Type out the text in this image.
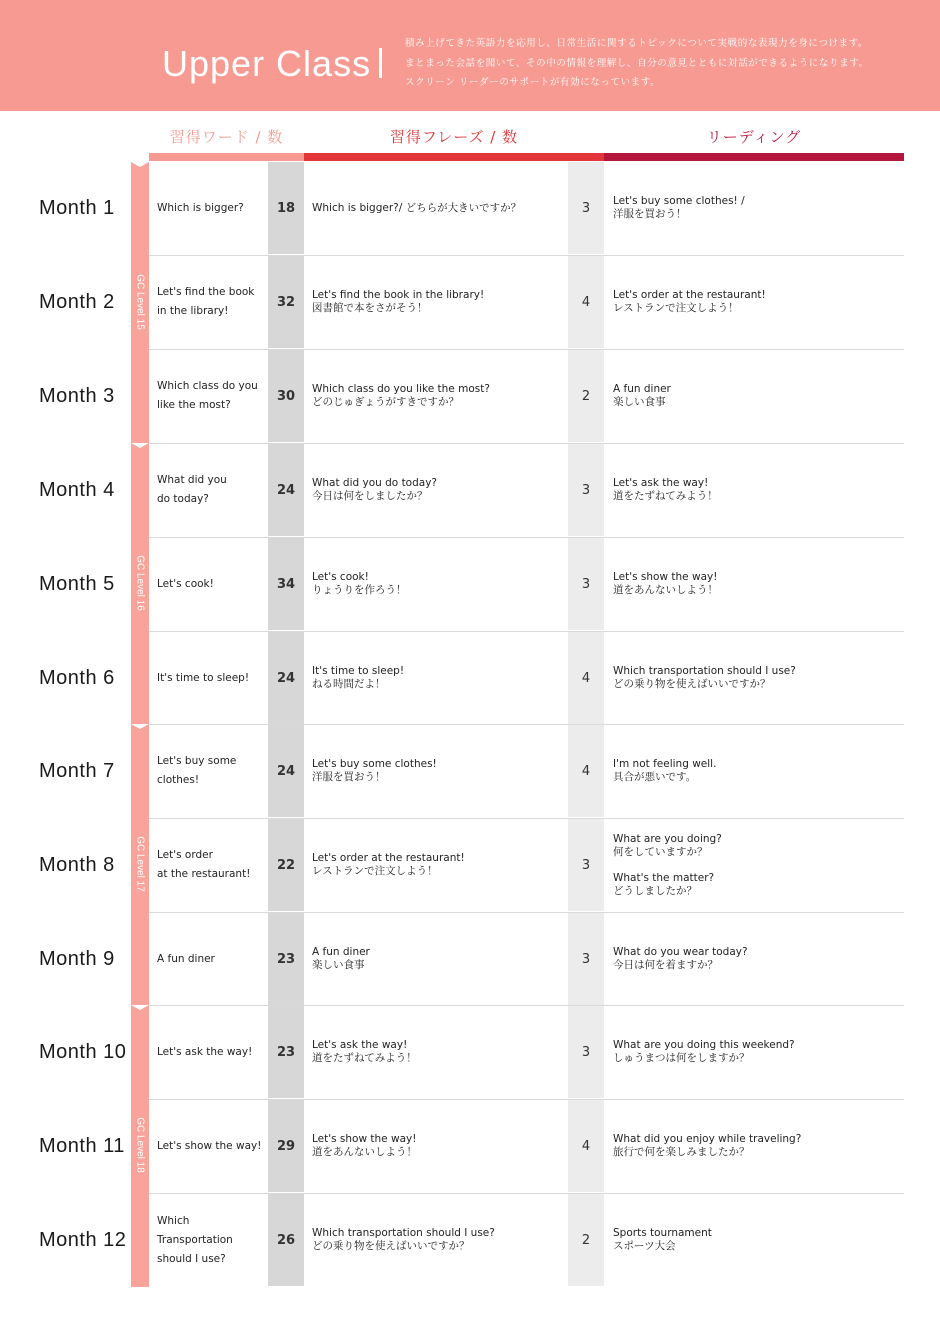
Upper Class	積み上げてきた英語力を応用し、日常生活に関するトピックについて実戦的な表現力を身につけます。
まとまった会話を聞いて、その中の情報を理解し、自分の意見とともに対話ができるようになります。
スクリーン リーダーのサポートが有効になっています。
習得ワード / 数	習得フレーズ / 数	リーディング
GC Level 15
GC Level 16
GC Level 17
GC Level 18
Month 1	Which is bigger?	18	Which is bigger?/ どちらが大きいですか？	3	Let's buy some clothes! /
洋服を買おう！
Month 2	Let's find the book
in the library!
32	Let's find the book in the library!
図書館で本をさがそう！	4	Let's order at the restaurant!
レストランで注文しよう！
Month 3	Which class do you
like the most?
30	Which class do you like the most?
どのじゅぎょうがすきですか？	2	A fun diner
楽しい食事
Month 4	What did you
do today?
24	What did you do today?
今日は何をしましたか？	3	Let's ask the way!
道をたずねてみよう！
Month 5	Let's cook!	34	Let's cook!
りょうりを作ろう！	3	Let's show the way!
道をあんないしよう！
Month 6	It's time to sleep!	24	It's time to sleep!
ねる時間だよ！	4	Which transportation should I use?
どの乗り物を使えばいいですか？
Month 7	Let's buy some
clothes!
24	Let's buy some clothes!
洋服を買おう！	4	I'm not feeling well.
具合が悪いです。
Month 8	Let's order
at the restaurant!
22	Let's order at the restaurant!
レストランで注文しよう！	3
What are you doing?
何をしていますか？

What's the matter?
どうしましたか？
Month 9	A fun diner	23	A fun diner
楽しい食事	3	What do you wear today?
今日は何を着ますか？
Month 10	Let's ask the way!	23	Let's ask the way!
道をたずねてみよう！	3	What are you doing this weekend?
しゅうまつは何をしますか？
Month 11	Let's show the way!	29	Let's show the way!
道をあんないしよう！	4	What did you enjoy while traveling?
旅行で何を楽しみましたか？
Month 12
Which Transportation
should I use?
26	Which transportation should I use?
どの乗り物を使えばいいですか？	2	Sports tournament
スポーツ大会
